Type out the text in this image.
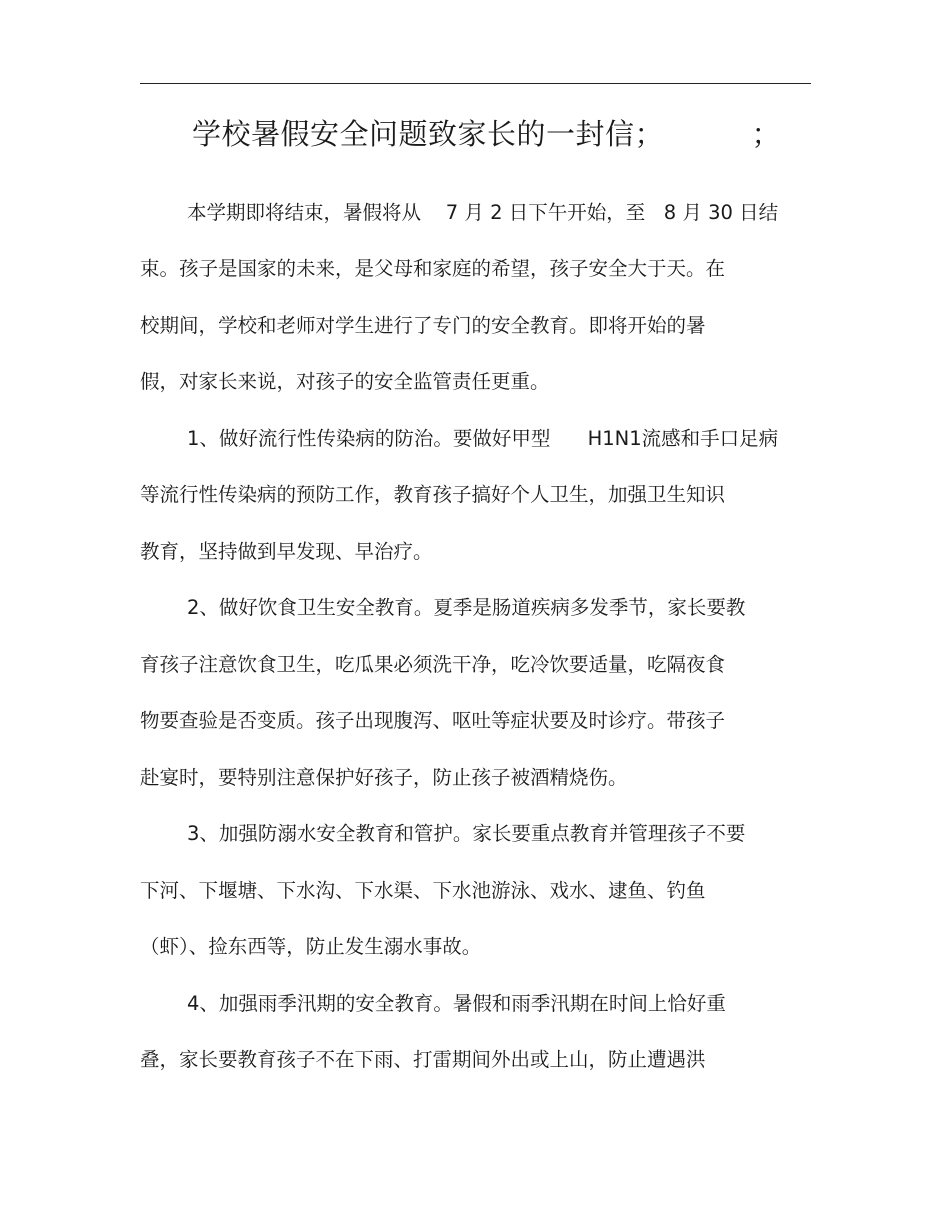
学校暑假安全问题致家长的一封信；         ；
本学期即将结束，暑假将从    7 月 2 日下午开始，至   8 月 30 日结
束。孩子是国家的未来，是父母和家庭的希望，孩子安全大于天。在
校期间，学校和老师对学生进行了专门的安全教育。即将开始的暑
假，对家长来说，对孩子的安全监管责任更重。
1、做好流行性传染病的防治。要做好甲型      H1N1流感和手口足病
等流行性传染病的预防工作，教育孩子搞好个人卫生，加强卫生知识
教育，坚持做到早发现、早治疗。
2、做好饮食卫生安全教育。夏季是肠道疾病多发季节，家长要教
育孩子注意饮食卫生，吃瓜果必须洗干净，吃冷饮要适量，吃隔夜食
物要查验是否变质。孩子出现腹泻、呕吐等症状要及时诊疗。带孩子
赴宴时，要特别注意保护好孩子，防止孩子被酒精烧伤。
3、加强防溺水安全教育和管护。家长要重点教育并管理孩子不要
下河、下堰塘、下水沟、下水渠、下水池游泳、戏水、逮鱼、钓鱼
（虾）、捡东西等，防止发生溺水事故。
4、加强雨季汛期的安全教育。暑假和雨季汛期在时间上恰好重
叠，家长要教育孩子不在下雨、打雷期间外出或上山，防止遭遇洪
